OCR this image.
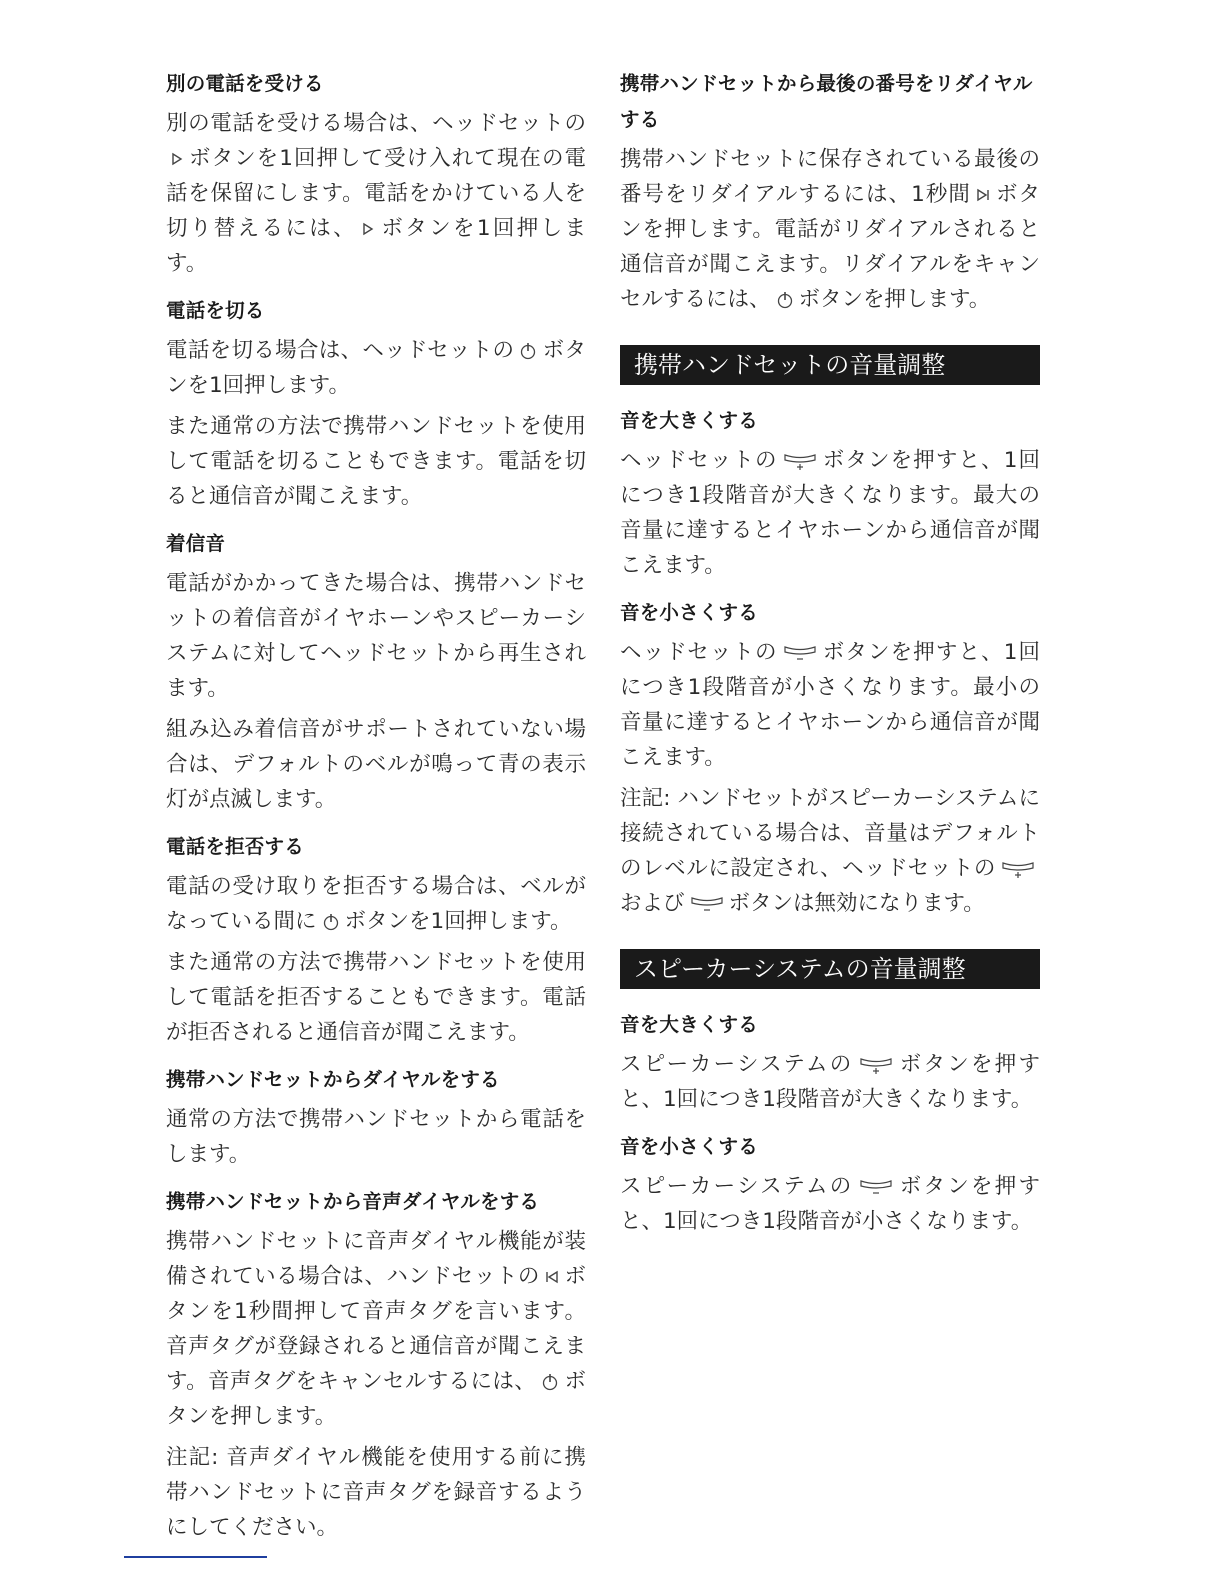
別の電話を受ける

別の電話を受ける場合は、ヘッドセットの
ボタンを1回押して受け入れて現在の電話を保留にします。電話をかけている人を切り替えるには、 ボタンを1回押します。

電話を切る

電話を切る場合は、ヘッドセットの ボタンを1回押します。

また通常の方法で携帯ハンドセットを使用して電話を切ることもできます。電話を切ると通信音が聞こえます。

着信音

電話がかかってきた場合は、携帯ハンドセットの着信音がイヤホーンやスピーカーシステムに対してヘッドセットから再生されます。

組み込み着信音がサポートされていない場合は、デフォルトのベルが鳴って青の表示灯が点滅します。

電話を拒否する

電話の受け取りを拒否する場合は、ベルがなっている間に ボタンを1回押します。

また通常の方法で携帯ハンドセットを使用して電話を拒否することもできます。電話が拒否されると通信音が聞こえます。

携帯ハンドセットからダイヤルをする

通常の方法で携帯ハンドセットから電話をします。

携帯ハンドセットから音声ダイヤルをする

携帯ハンドセットに音声ダイヤル機能が装備されている場合は、ハンドセットの ボタンを1秒間押して音声タグを言います。音声タグが登録されると通信音が聞こえます。音声タグをキャンセルするには、 ボタンを押します。

注記: 音声ダイヤル機能を使用する前に携帯ハンドセットに音声タグを録音するようにしてください。

携帯ハンドセットから最後の番号をリダイヤルする

携帯ハンドセットに保存されている最後の番号をリダイアルするには、1秒間 ボタンを押します。電話がリダイアルされると通信音が聞こえます。リダイアルをキャンセルするには、 ボタンを押します。

携帯ハンドセットの音量調整
音を大きくする

ヘッドセットの ボタンを押すと、1回につき1段階音が大きくなります。最大の音量に達するとイヤホーンから通信音が聞こえます。

音を小さくする

ヘッドセットの ボタンを押すと、1回につき1段階音が小さくなります。最小の音量に達するとイヤホーンから通信音が聞こえます。

注記: ハンドセットがスピーカーシステムに接続されている場合は、音量はデフォルトのレベルに設定され、ヘッドセットの
および ボタンは無効になります。

スピーカーシステムの音量調整
音を大きくする

スピーカーシステムの ボタンを押すと、1回につき1段階音が大きくなります。

音を小さくする

スピーカーシステムの ボタンを押すと、1回につき1段階音が小さくなります。
